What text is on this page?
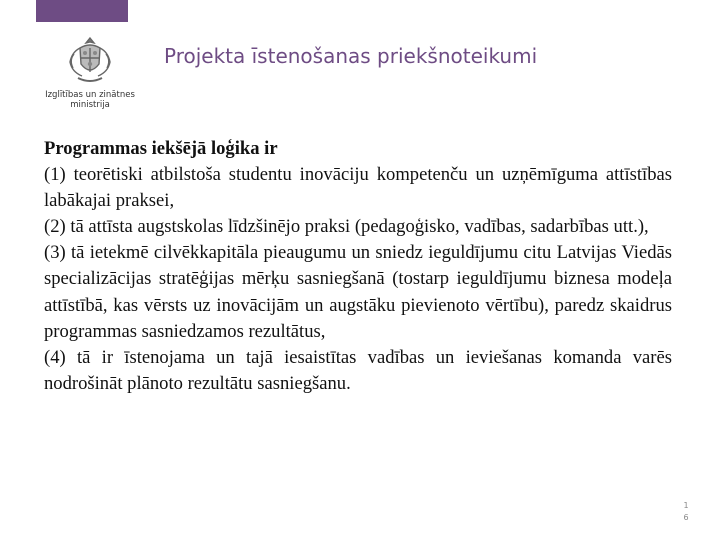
Izglītības un zinātnes
ministrija
Projekta īstenošanas priekšnoteikumi

Programmas iekšējā loģika ir

(1) teorētiski atbilstoša studentu inovāciju kompetenču un uzņēmīguma attīstības labākajai praksei,

(2) tā attīsta augstskolas līdzšinējo praksi (pedagoģisko, vadības, sadarbības utt.),

(3) tā ietekmē cilvēkkapitāla pieaugumu un sniedz ieguldījumu citu Latvijas Viedās specializācijas stratēģijas mērķu sasniegšanā (tostarp ieguldījumu biznesa modeļa attīstībā, kas vērsts uz inovācijām un augstāku pievienoto vērtību), paredz skaidrus programmas sasniedzamos rezultātus,

(4) tā ir īstenojama un tajā iesaistītas vadības un ieviešanas komanda varēs nodrošināt plānoto rezultātu sasniegšanu.

1
6
